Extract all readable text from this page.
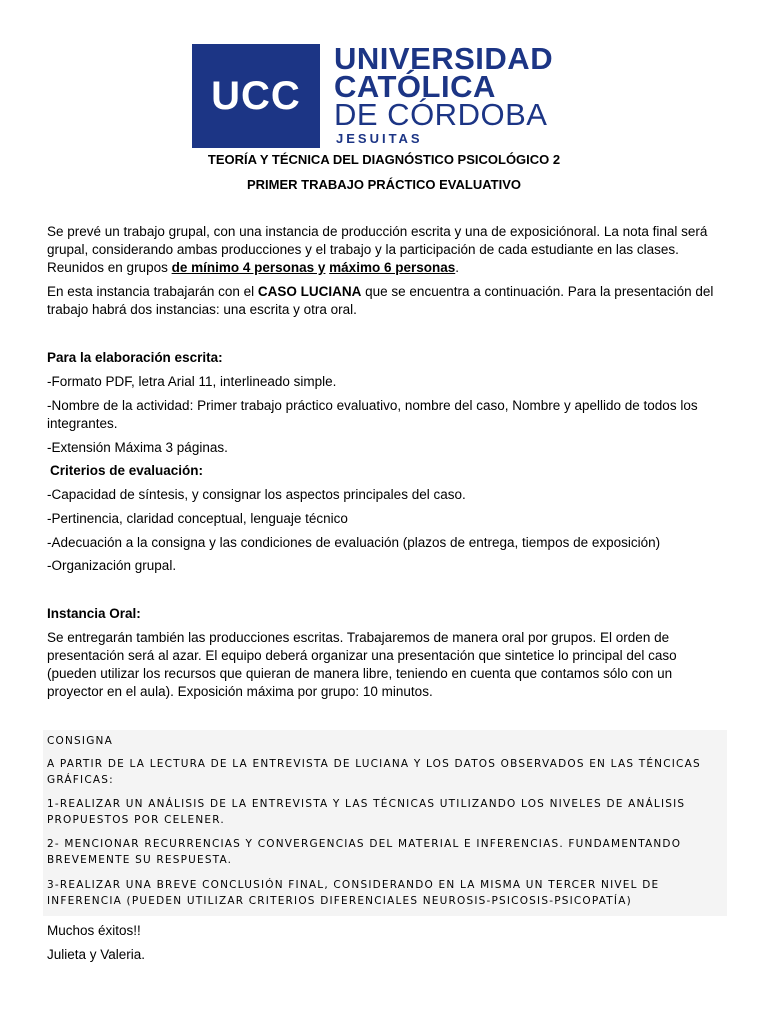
UCC
UNIVERSIDAD
CATÓLICA
DE CÓRDOBA
JESUITAS
TEORÍA Y TÉCNICA DEL DIAGNÓSTICO PSICOLÓGICO 2
PRIMER TRABAJO PRÁCTICO EVALUATIVO
Se prevé un trabajo grupal, con una instancia de producción escrita y una de exposiciónoral. La nota final será grupal, considerando ambas producciones y el trabajo y la participación de cada estudiante en las clases. Reunidos en grupos de mínimo 4 personas y máximo 6 personas.
En esta instancia trabajarán con el CASO LUCIANA que se encuentra a continuación. Para la presentación del trabajo habrá dos instancias: una escrita y otra oral.
Para la elaboración escrita:
-Formato PDF, letra Arial 11, interlineado simple.
-Nombre de la actividad: Primer trabajo práctico evaluativo, nombre del caso, Nombre y apellido de todos los integrantes.
-Extensión Máxima 3 páginas.
Criterios de evaluación:
-Capacidad de síntesis, y consignar los aspectos principales del caso.
-Pertinencia, claridad conceptual, lenguaje técnico
-Adecuación a la consigna y las condiciones de evaluación (plazos de entrega, tiempos de exposición)
-Organización grupal.
Instancia Oral:
Se entregarán también las producciones escritas. Trabajaremos de manera oral por grupos. El orden de presentación será al azar. El equipo deberá organizar una presentación que sintetice lo principal del caso (pueden utilizar los recursos que quieran de manera libre, teniendo en cuenta que contamos sólo con un proyector en el aula). Exposición máxima por grupo: 10 minutos.
CONSIGNA
A PARTIR DE LA LECTURA DE LA ENTREVISTA DE LUCIANA Y LOS DATOS OBSERVADOS EN LAS TÉNCICAS GRÁFICAS:
1-REALIZAR UN ANÁLISIS DE LA ENTREVISTA Y LAS TÉCNICAS UTILIZANDO LOS NIVELES DE ANÁLISIS PROPUESTOS POR CELENER.
2- MENCIONAR RECURRENCIAS Y CONVERGENCIAS DEL MATERIAL E INFERENCIAS. FUNDAMENTANDO BREVEMENTE SU RESPUESTA.
3-REALIZAR UNA BREVE CONCLUSIÓN FINAL, CONSIDERANDO EN LA MISMA UN TERCER NIVEL DE INFERENCIA (PUEDEN UTILIZAR CRITERIOS DIFERENCIALES NEUROSIS-PSICOSIS-PSICOPATÍA)
Muchos éxitos!!
Julieta y Valeria.
